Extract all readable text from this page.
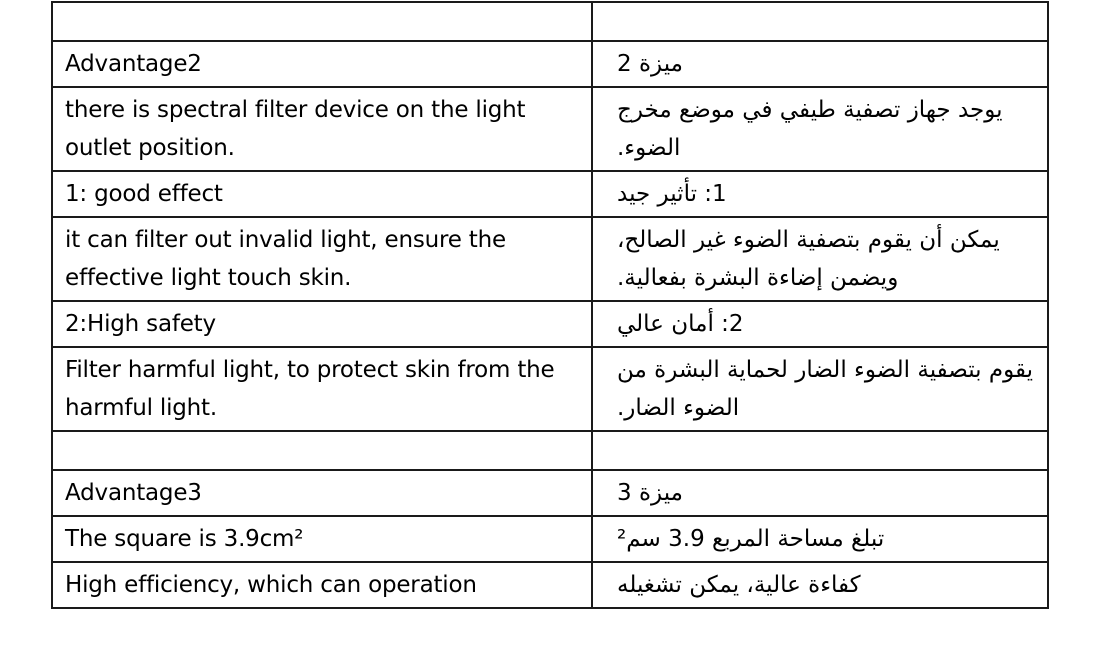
Advantage2	ميزة 2

there is spectral filter device on the light outlet position.	يوجد جهاز تصفية طيفي في موضع مخرج الضوء.

1: good effect	1: تأثير جيد

it can filter out invalid light, ensure the effective light touch skin.	يمكن أن يقوم بتصفية الضوء غير الصالح، ويضمن إضاءة البشرة بفعالية.

2:High safety	2: أمان عالي

Filter harmful light, to protect skin from the harmful light.	يقوم بتصفية الضوء الضار لحماية البشرة من الضوء الضار.

Advantage3	ميزة 3

The square is 3.9cm²	تبلغ مساحة المربع 3.9 سم²

High efficiency, which can operation	كفاءة عالية، يمكن تشغيله
